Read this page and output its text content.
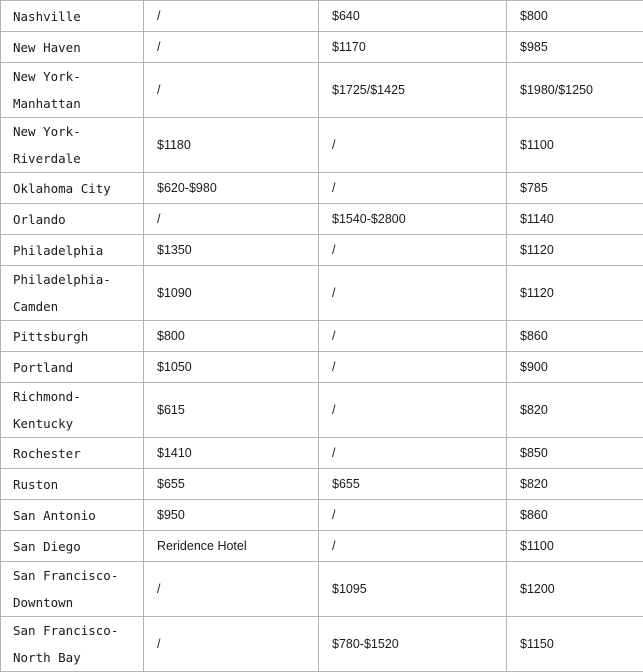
Nashville	/	$640	$800
New Haven	/	$1170	$985
New York-Manhattan	/	$1725/$1425	$1980/$1250
New York-Riverdale	$1180	/	$1100
Oklahoma City	$620-$980	/	$785
Orlando	/	$1540-$2800	$1140
Philadelphia	$1350	/	$1120
Philadelphia-Camden	$1090	/	$1120
Pittsburgh	$800	/	$860
Portland	$1050	/	$900
Richmond-Kentucky	$615	/	$820
Rochester	$1410	/	$850
Ruston	$655	$655	$820
San Antonio	$950	/	$860
San Diego	Reridence Hotel	/	$1100
San Francisco-Downtown	/	$1095	$1200
San Francisco-North Bay	/	$780-$1520	$1150
